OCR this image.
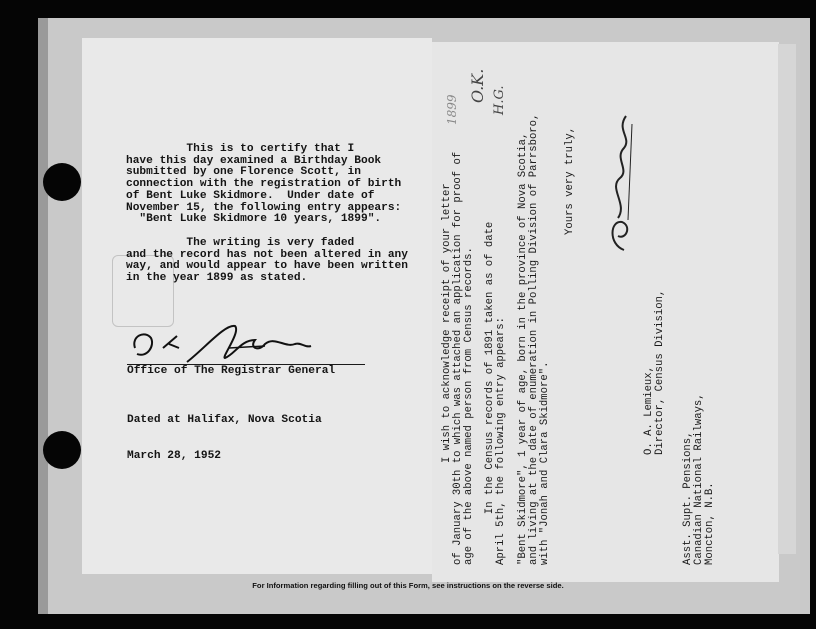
This is to certify that I

have this day examined a Birthday Book

submitted by one Florence Scott, in

connection with the registration of birth

of Bent Luke Skidmore.  Under date of

November 15, the following entry appears:

"Bent Luke Skidmore 10 years, 1899".

The writing is very faded

and the record has not been altered in any

way, and would appear to have been written

in the year 1899 as stated.

Office of The Registrar General

Dated at Halifax, Nova Scotia

March 28, 1952	I wish to acknowledge receipt of your letter of January 30th to which was attached an application for proof of age of the above named person from Census records. In the Census records of 1891 taken as of date April 5th, the following entry appears: "Bent Skidmore", 1 year of age, born in the province of Nova Scotia, and living at the date of enumeration in Polling Division of Parrsboro, with "Jonah and Clara Skidmore".
Yours very truly,
O. A. Lemieux, Director, Census Division,
Asst. Supt. Pensions, Canadian National Railways, Moncton, N.B.
1899
O.K. H.G.
For Information regarding filling out of this Form, see instructions on the reverse side.
